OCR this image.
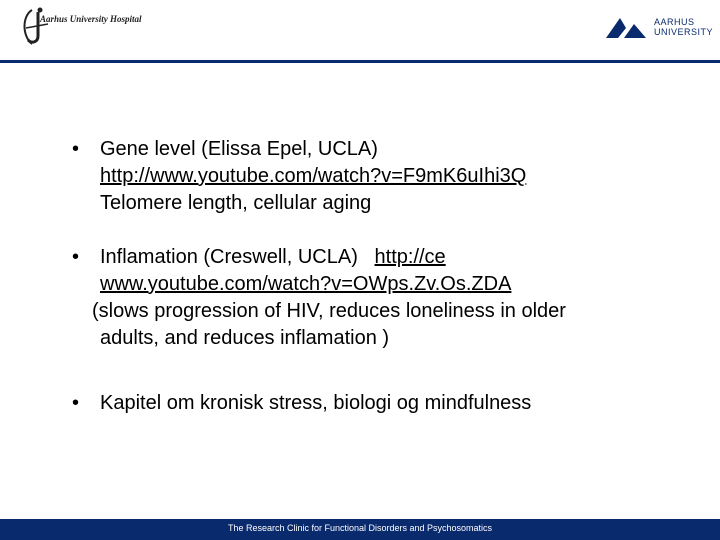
Aarhus University Hospital	AARHUS
UNIVERSITY
• Gene level (Elissa Epel, UCLA)
http://www.youtube.com/watch?v=F9mK6uIhi3Q
Telomere length, cellular aging
• Inflamation (Creswell, UCLA) http://ce
www.youtube.com/watch?v=OWps.Zv.Os.ZDA
(slows progression of HIV, reduces loneliness in older
adults, and reduces inflamation )
• Kapitel om kronisk stress, biologi og mindfulness
The Research Clinic for Functional Disorders and Psychosomatics
